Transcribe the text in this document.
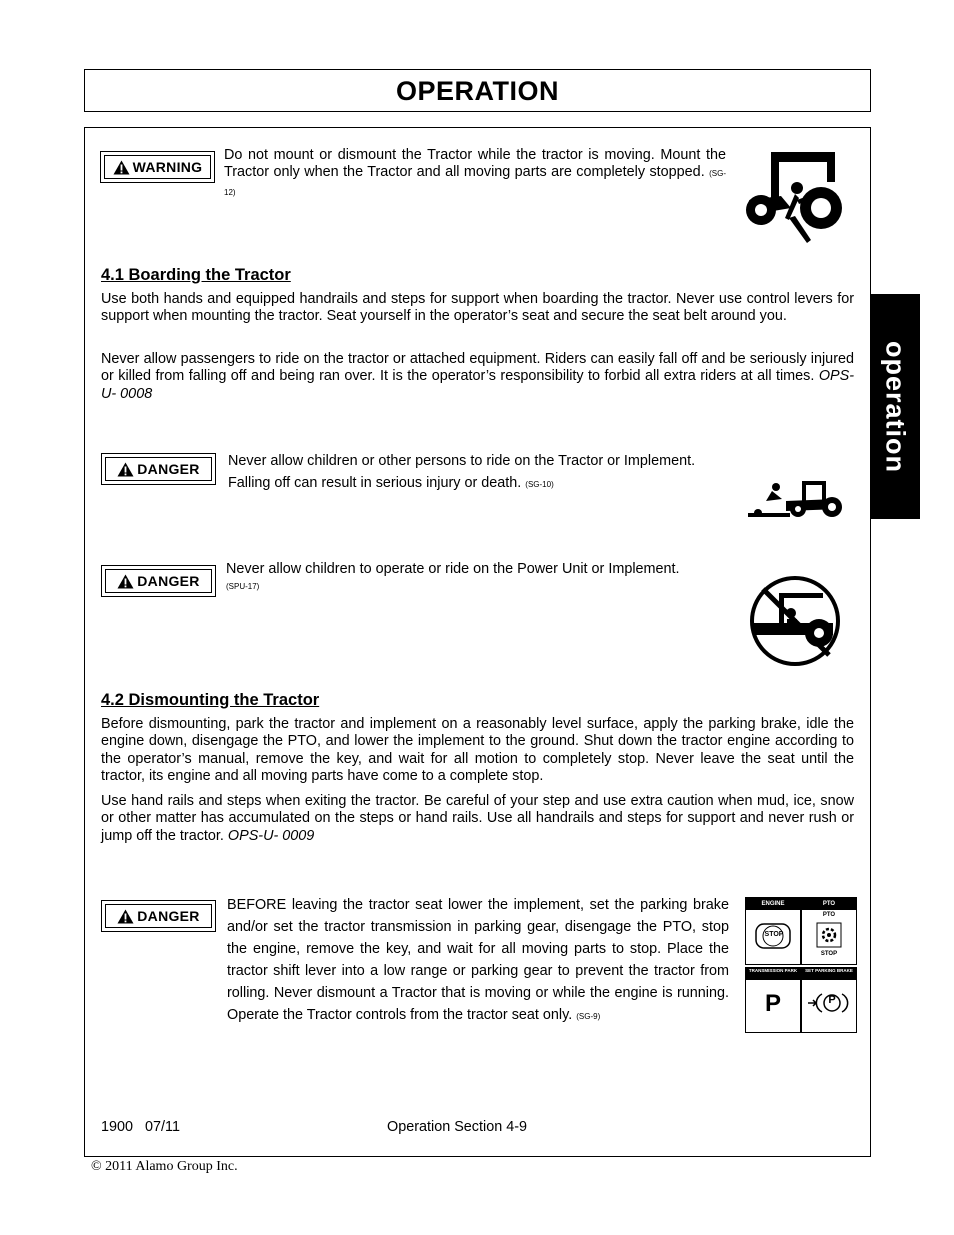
OPERATION
operation
WARNING
Do not mount or dismount the Tractor while the tractor is moving. Mount the Tractor only when the Tractor and all moving parts are completely stopped. (SG-12)
4.1 Boarding the Tractor
Use both hands and equipped handrails and steps for support when boarding the tractor. Never use control levers for support when mounting the tractor. Seat yourself in the operator’s seat and secure the seat belt around you.
Never allow passengers to ride on the tractor or attached equipment. Riders can easily fall off and be seriously injured or killed from falling off and being ran over. It is the operator’s responsibility to forbid all extra riders at all times. OPS-U- 0008
DANGER Never allow children or other persons to ride on the Tractor or Implement.
Falling off can result in serious injury or death. (SG-10)
DANGER
Never allow children to operate or ride on the Power Unit or Implement.
(SPU-17)
4.2 Dismounting the Tractor
Before dismounting, park the tractor and implement on a reasonably level surface, apply the parking brake, idle the engine down, disengage the PTO, and lower the implement to the ground. Shut down the tractor engine according to the operator’s manual, remove the key, and wait for all motion to completely stop. Never leave the seat until the tractor, its engine and all moving parts have come to a complete stop.
Use hand rails and steps when exiting the tractor. Be careful of your step and use extra caution when mud, ice, snow or other matter has accumulated on the steps or hand rails. Use all handrails and steps for support and never rush or jump off the tractor. OPS-U- 0009
DANGER
BEFORE leaving the tractor seat lower the implement, set the parking brake and/or set the tractor transmission in parking gear, disengage the PTO, stop the engine, remove the key, and wait for all moving parts to stop. Place the tractor shift lever into a low range or parking gear to prevent the tractor from rolling. Never dismount a Tractor that is moving or while the engine is running. Operate the Tractor controls from the tractor seat only. (SG-9)
ENGINE
STOP
PTO
PTO
STOP
TRANSMISSION PARK
P
SET PARKING BRAKE
P
1900   07/11	Operation Section 4-9
© 2011 Alamo Group Inc.
